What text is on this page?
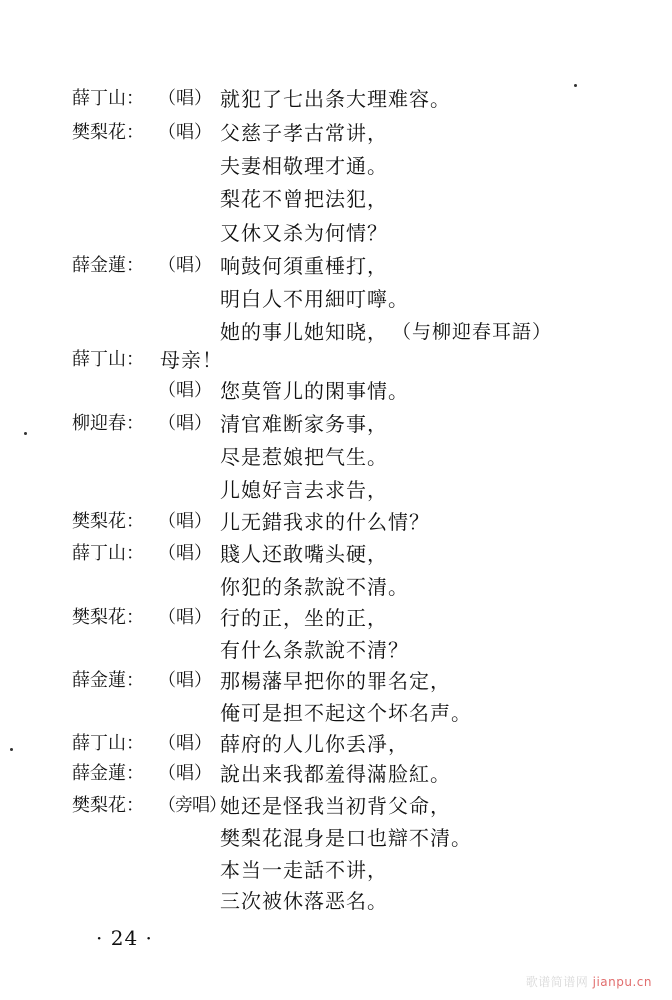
薛丁山： （唱） 就犯了七出条大理难容。
樊梨花： （唱） 父慈子孝古常讲，
夫妻相敬理才通。
梨花不曾把法犯，
又休又杀为何情？
薛金蓮： （唱） 响鼓何須重棰打，
明白人不用細叮嚀。
她的事儿她知晓， （与柳迎春耳語）
薛丁山： 母亲！
（唱） 您莫管儿的閑事情。
柳迎春： （唱） 清官难断家务事，
尽是惹娘把气生。
儿媳好言去求告，
樊梨花： （唱） 儿无錯我求的什么情？
薛丁山： （唱） 賤人还敢嘴头硬，
你犯的条款說不清。
樊梨花： （唱） 行的正，坐的正，
有什么条款說不清？
薛金蓮： （唱） 那楊藩早把你的罪名定，
俺可是担不起这个坏名声。
薛丁山： （唱） 薛府的人儿你丢凈，
薛金蓮： （唱） 說出来我都羞得滿脸紅。
樊梨花： （旁唱）
她还是怪我当初背父命，
樊梨花混身是口也辯不清。
本当一走話不讲，
三次被休落恶名。
· 24 ·
歌谱简谱网 jianpu.cn
